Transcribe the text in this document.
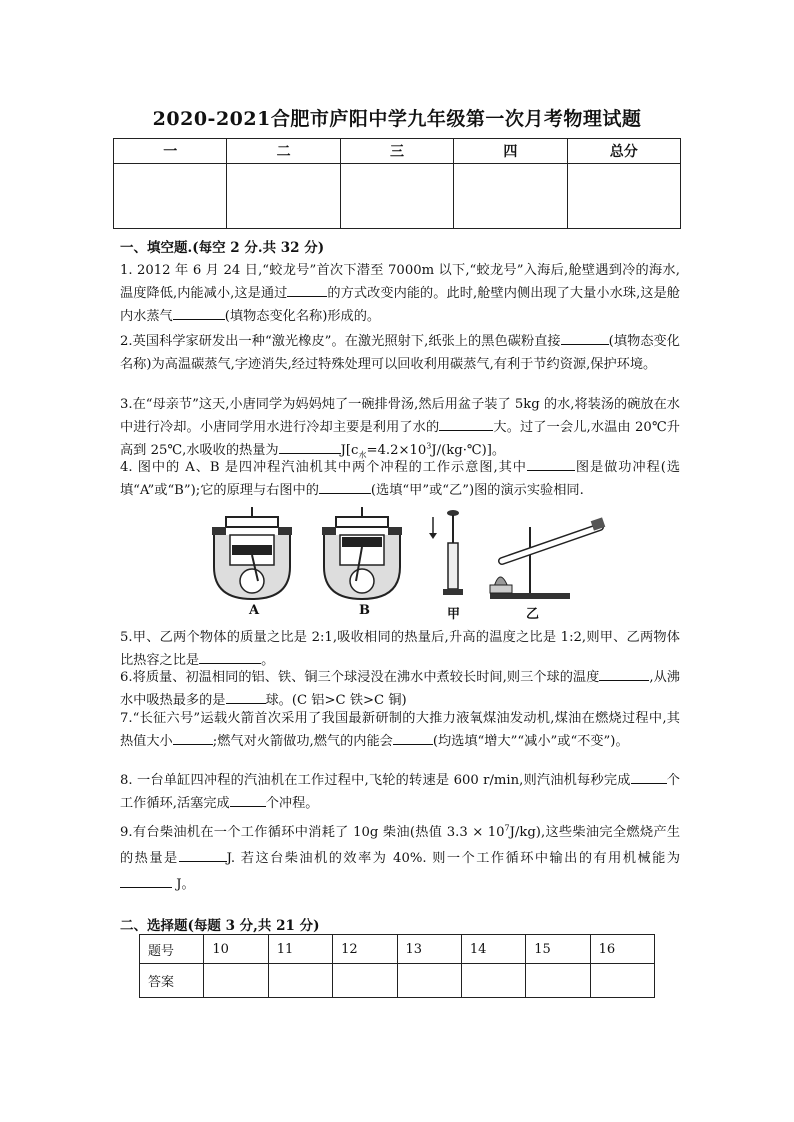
2020-2021合肥市庐阳中学九年级第一次月考物理试题
一	二	三	四	总分

一、填空题.(每空 2 分.共 32 分)
1. 2012 年 6 月 24 日,“蛟龙号”首次下潜至 7000m 以下,“蛟龙号”入海后,舱壁遇到冷的海水,温度降低,内能减小,这是通过	的方式改变内能的。此时,舱壁内侧出现了大量小水珠,这是舱内水蒸气	(填物态变化名称)形成的。
2.英国科学家研发出一种“激光橡皮”。在激光照射下,纸张上的黑色碳粉直接	(填物态变化名称)为高温碳蒸气,字迹消失,经过特殊处理可以回收利用碳蒸气,有利于节约资源,保护环境。
3.在“母亲节”这天,小唐同学为妈妈炖了一碗排骨汤,然后用盆子装了 5kg 的水,将装汤的碗放在水中进行冷却。小唐同学用水进行冷却主要是利用了水的	大。过了一会儿,水温由 20℃升高到 25℃,水吸收的热量为	$J[c_水=4.2\times 10^3J/(kg\cdot℃)]$。
4. 图中的 A、B 是四冲程汽油机其中两个冲程的工作示意图,其中	图是做功冲程(选填“A”或“B”);它的原理与右图中的	(选填“甲”或“乙”)图的演示实验相同.
A	B	甲	乙
5.甲、乙两个物体的质量之比是 2:1,吸收相同的热量后,升高的温度之比是 1:2,则甲、乙两物体比热容之比是	。
6.将质量、初温相同的铝、铁、铜三个球浸没在沸水中煮较长时间,则三个球的温度	,从沸水中吸热最多的是	球。(C 铝>C 铁>C 铜)
7.“长征六号”运载火箭首次采用了我国最新研制的大推力液氧煤油发动机,煤油在燃烧过程中,其热值大小	;燃气对火箭做功,燃气的内能会	(均选填“增大”“减小”或“不变”)。
8. 一台单缸四冲程的汽油机在工作过程中,飞轮的转速是 600 r/min,则汽油机每秒完成	个工作循环,活塞完成	个冲程。
9.有台柴油机在一个工作循环中消耗了 10g 柴油(热值 $3.3 \times 10^7J/kg$),这些柴油完全燃烧产生的热量是	J. 若这台柴油机的效率为 40%. 则一个工作循环中输出的有用机械能为  J。
二、选择题(每题 3 分,共 21 分)
题号	10	11	12	13	14	15	16
答案							
